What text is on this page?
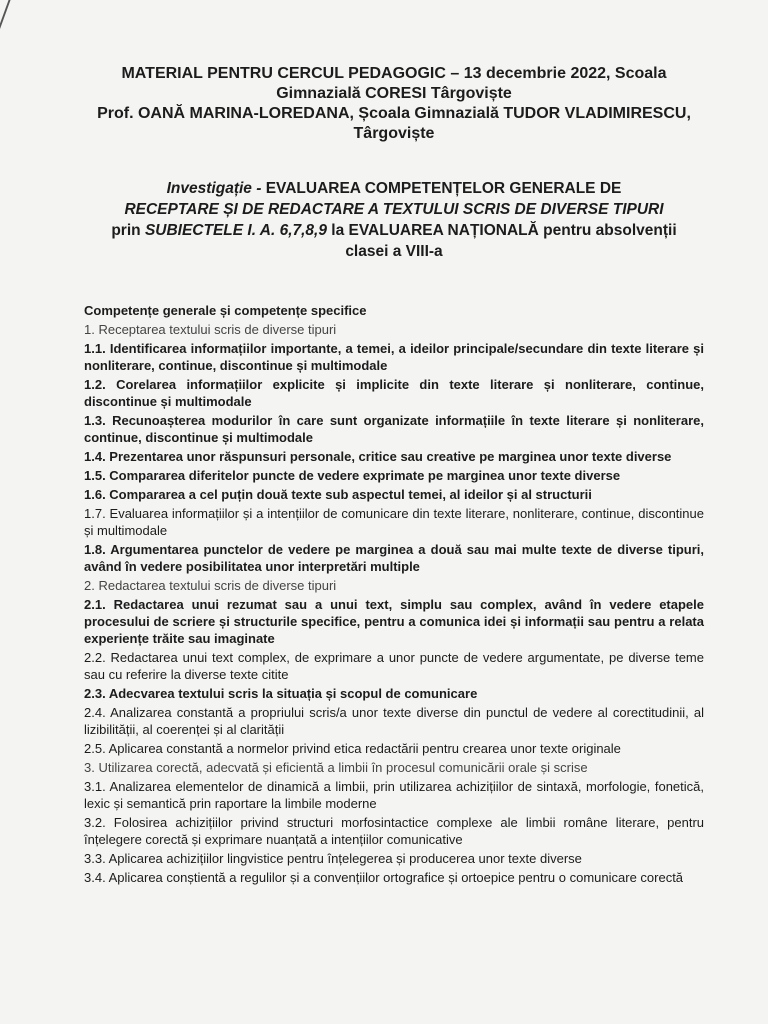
MATERIAL PENTRU CERCUL PEDAGOGIC – 13 decembrie 2022, Scoala
Gimnazială CORESI Târgoviște
Prof. OANĂ MARINA-LOREDANA, Școala Gimnazială TUDOR VLADIMIRESCU,
Târgoviște
Investigație - EVALUAREA COMPETENȚELOR GENERALE DE
RECEPTARE ȘI DE REDACTARE A TEXTULUI SCRIS DE DIVERSE TIPURI
prin SUBIECTELE I. A. 6,7,8,9 la EVALUAREA NAȚIONALĂ pentru absolvenții
clasei a VIII-a
Competențe generale și competențe specifice
1. Receptarea textului scris de diverse tipuri
1.1. Identificarea informațiilor importante, a temei, a ideilor principale/secundare din texte literare și nonliterare, continue, discontinue și multimodale
1.2. Corelarea informațiilor explicite și implicite din texte literare și nonliterare, continue, discontinue și multimodale
1.3. Recunoașterea modurilor în care sunt organizate informațiile în texte literare și nonliterare, continue, discontinue și multimodale
1.4. Prezentarea unor răspunsuri personale, critice sau creative pe marginea unor texte diverse
1.5. Compararea diferitelor puncte de vedere exprimate pe marginea unor texte diverse
1.6. Compararea a cel puțin două texte sub aspectul temei, al ideilor și al structurii
1.7. Evaluarea informațiilor și a intențiilor de comunicare din texte literare, nonliterare, continue, discontinue și multimodale
1.8. Argumentarea punctelor de vedere pe marginea a două sau mai multe texte de diverse tipuri, având în vedere posibilitatea unor interpretări multiple
2. Redactarea textului scris de diverse tipuri
2.1. Redactarea unui rezumat sau a unui text, simplu sau complex, având în vedere etapele procesului de scriere și structurile specifice, pentru a comunica idei și informații sau pentru a relata experiențe trăite sau imaginate
2.2. Redactarea unui text complex, de exprimare a unor puncte de vedere argumentate, pe diverse teme sau cu referire la diverse texte citite
2.3. Adecvarea textului scris la situația și scopul de comunicare
2.4. Analizarea constantă a propriului scris/a unor texte diverse din punctul de vedere al corectitudinii, al lizibilității, al coerenței și al clarității
2.5. Aplicarea constantă a normelor privind etica redactării pentru crearea unor texte originale
3. Utilizarea corectă, adecvată și eficientă a limbii în procesul comunicării orale și scrise
3.1. Analizarea elementelor de dinamică a limbii, prin utilizarea achizițiilor de sintaxă, morfologie, fonetică, lexic și semantică prin raportare la limbile moderne
3.2. Folosirea achizițiilor privind structuri morfosintactice complexe ale limbii române literare, pentru înțelegere corectă și exprimare nuanțată a intențiilor comunicative
3.3. Aplicarea achizițiilor lingvistice pentru înțelegerea și producerea unor texte diverse
3.4. Aplicarea conștientă a regulilor și a convențiilor ortografice și ortoepice pentru o comunicare corectă
